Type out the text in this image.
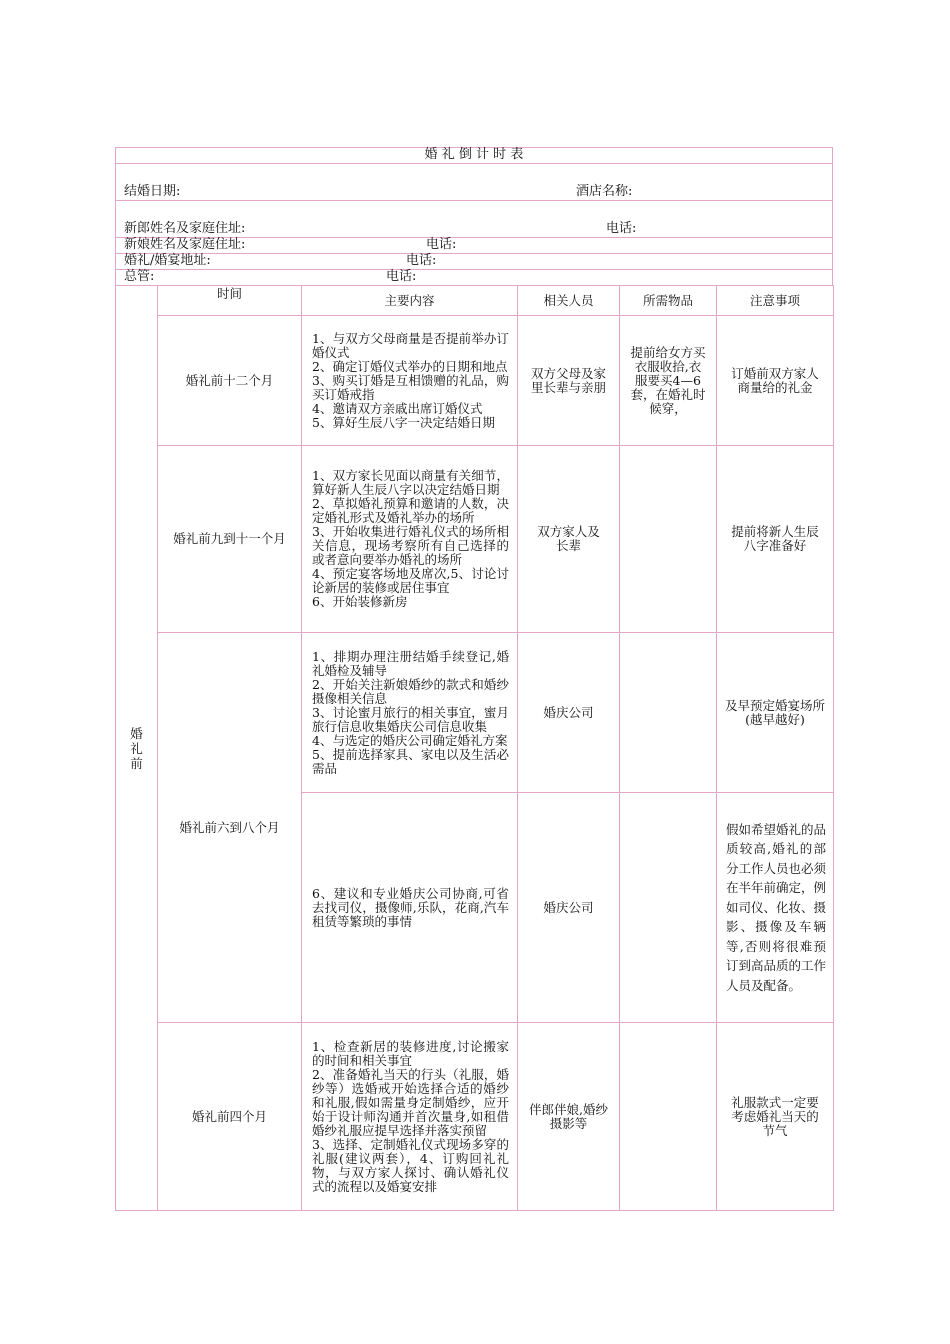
婚 礼 倒 计 时 表
结婚日期:	酒店名称:
新郎姓名及家庭住址:	电话:
新娘姓名及家庭住址:	电话:
婚礼/婚宴地址:	电话:
总管:	电话:
婚礼前	时间	主要内容	相关人员	所需物品	注意事项
	婚礼前十二个月	1、与双方父母商量是否提前举办订婚仪式
2、确定订婚仪式举办的日期和地点
3、购买订婚是互相馈赠的礼品，购买订婚戒指
4、邀请双方亲戚出席订婚仪式
5、算好生辰八字一决定结婚日期	双方父母及家里长辈与亲朋	提前给女方买衣服收拾,衣服要买4—6套，在婚礼时候穿，	订婚前双方家人商量给的礼金
	婚礼前九到十一个月	1、双方家长见面以商量有关细节，算好新人生辰八字以决定结婚日期
2、草拟婚礼预算和邀请的人数，决定婚礼形式及婚礼举办的场所
3、开始收集进行婚礼仪式的场所相关信息，现场考察所有自己选择的或者意向要举办婚礼的场所
4、预定宴客场地及席次,5、讨论讨论新居的装修或居住事宜
6、开始装修新房	双方家人及长辈		提前将新人生辰八字准备好
	婚礼前六到八个月	1、排期办理注册结婚手续登记,婚礼婚检及辅导
2、开始关注新娘婚纱的款式和婚纱摄像相关信息
3、讨论蜜月旅行的相关事宜，蜜月旅行信息收集婚庆公司信息收集
4、与选定的婚庆公司确定婚礼方案
5、提前选择家具、家电以及生活必需品	婚庆公司		及早预定婚宴场所(越早越好)

		6、建议和专业婚庆公司协商,可省去找司仪，摄像师,乐队，花商,汽车租赁等繁琐的事情	婚庆公司		假如希望婚礼的品质较高,婚礼的部分工作人员也必须在半年前确定，例如司仪、化妆、摄影、摄像及车辆等,否则将很难预订到高品质的工作人员及配备。
	婚礼前四个月	1、检查新居的装修进度,讨论搬家的时间和相关事宜
2、准备婚礼当天的行头（礼服，婚纱等）选婚戒开始选择合适的婚纱和礼服,假如需量身定制婚纱，应开始于设计师沟通并首次量身,如租借婚纱礼服应提早选择并落实预留
3、选择、定制婚礼仪式现场多穿的礼服(建议两套），4、订购回礼礼物，与双方家人探讨、确认婚礼仪式的流程以及婚宴安排	伴郎伴娘,婚纱摄影等		礼服款式一定要考虑婚礼当天的节气
